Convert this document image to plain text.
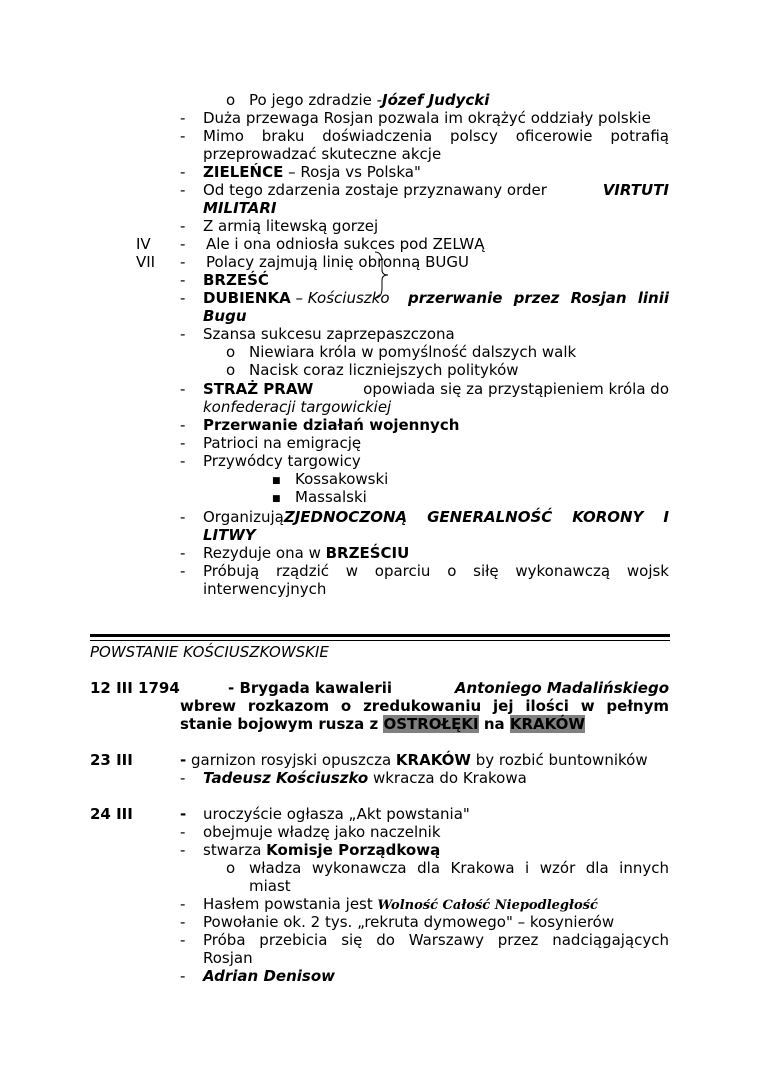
o Po jego zdradzie -Józef Judycki
- Duża przewaga Rosjan pozwala im okrążyć oddziały polskie
- Mimo braku doświadczenia polscy oficerowie potrafią
przeprowadzać skuteczne akcje
- ZIELEŃCE – Rosja vs Polska"
- Od tego zdarzenia zostaje przyznawany order	VIRTUTI
MILITARI
- Z armią litewską gorzej
IV - Ale i ona odniosła sukces pod ZELWĄ
VII - Polacy zajmują linię obronną BUGU
- BRZEŚĆ
- DUBIENKA – Kościuszko przerwanie przez Rosjan linii
Bugu
- Szansa sukcesu zaprzepaszczona
o Niewiara króla w pomyślność dalszych walk
o Nacisk coraz liczniejszych polityków
- STRAŻ PRAW	opowiada się za przystąpieniem króla do
konfederacji targowickiej
- Przerwanie działań wojennych
- Patrioci na emigrację
- Przywódcy targowicy
■ Kossakowski
■ Massalski
- Organizują ZJEDNOCZONĄ GENERALNOŚĆ KORONY I
LITWY
- Rezyduje ona w BRZEŚCIU
- Próbują rządzić w oparciu o siłę wykonawczą wojsk
interwencyjnych
POWSTANIE KOŚCIUSZKOWSKIE
12 III 1794	- Brygada kawalerii	Antoniego Madalińskiego
wbrew rozkazom o zredukowaniu jej ilości w pełnym
stanie bojowym rusza z OSTROŁĘKI na KRAKÓW
23 III	- garnizon rosyjski opuszcza KRAKÓW by rozbić buntowników
- Tadeusz Kościuszko wkracza do Krakowa
24 III	- uroczyście ogłasza „Akt powstania"
- obejmuje władzę jako naczelnik
- stwarza Komisje Porządkową
o władza wykonawcza dla Krakowa i wzór dla innych
miast
- Hasłem powstania jest Wolność Całość Niepodległość
- Powołanie ok. 2 tys. „rekruta dymowego" – kosynierów
- Próba przebicia się do Warszawy przez nadciągających
Rosjan
- Adrian Denisow
